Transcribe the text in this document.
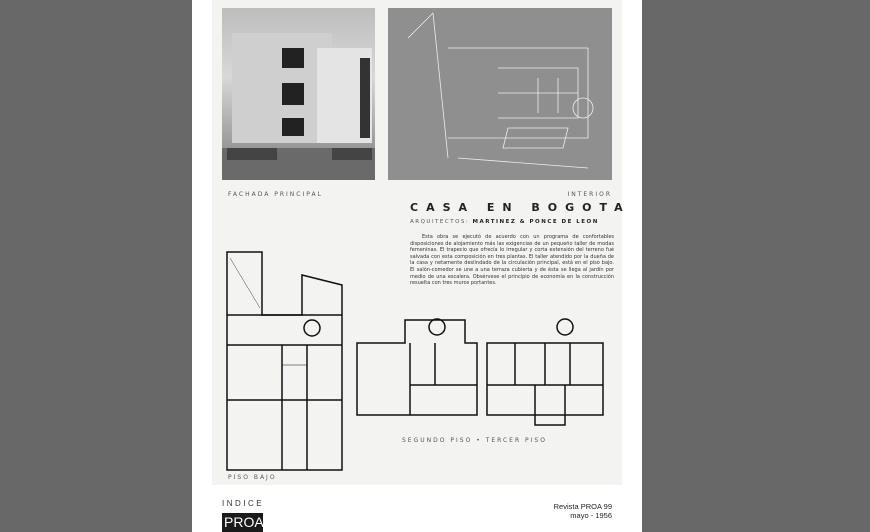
FACHADA PRINCIPAL	INTERIOR
CASA EN BOGOTA
ARQUITECTOS: MARTINEZ & PONCE DE LEON
Esta obra se ejecutó de acuerdo con un programa de confortables disposiciones de alojamiento más las exigencias de un pequeño taller de modas femeninas. El trapecio que ofrecía lo irregular y corta extensión del terreno fué salvada con esta composición en tres plantas. El taller atendido por la dueña de la casa y netamente deslindado de la circulación principal, está en el piso bajo. El salón-comedor se une a una terraza cubierta y de ésta se llega al jardín por medio de una escalera. Obsérvese el principio de economía en la construcción resuelta con tres muros portantes.
PISO BAJO
SEGUNDO PISO • TERCER PISO
INDICE
PROA
Revista PROA 99
mayo - 1956
